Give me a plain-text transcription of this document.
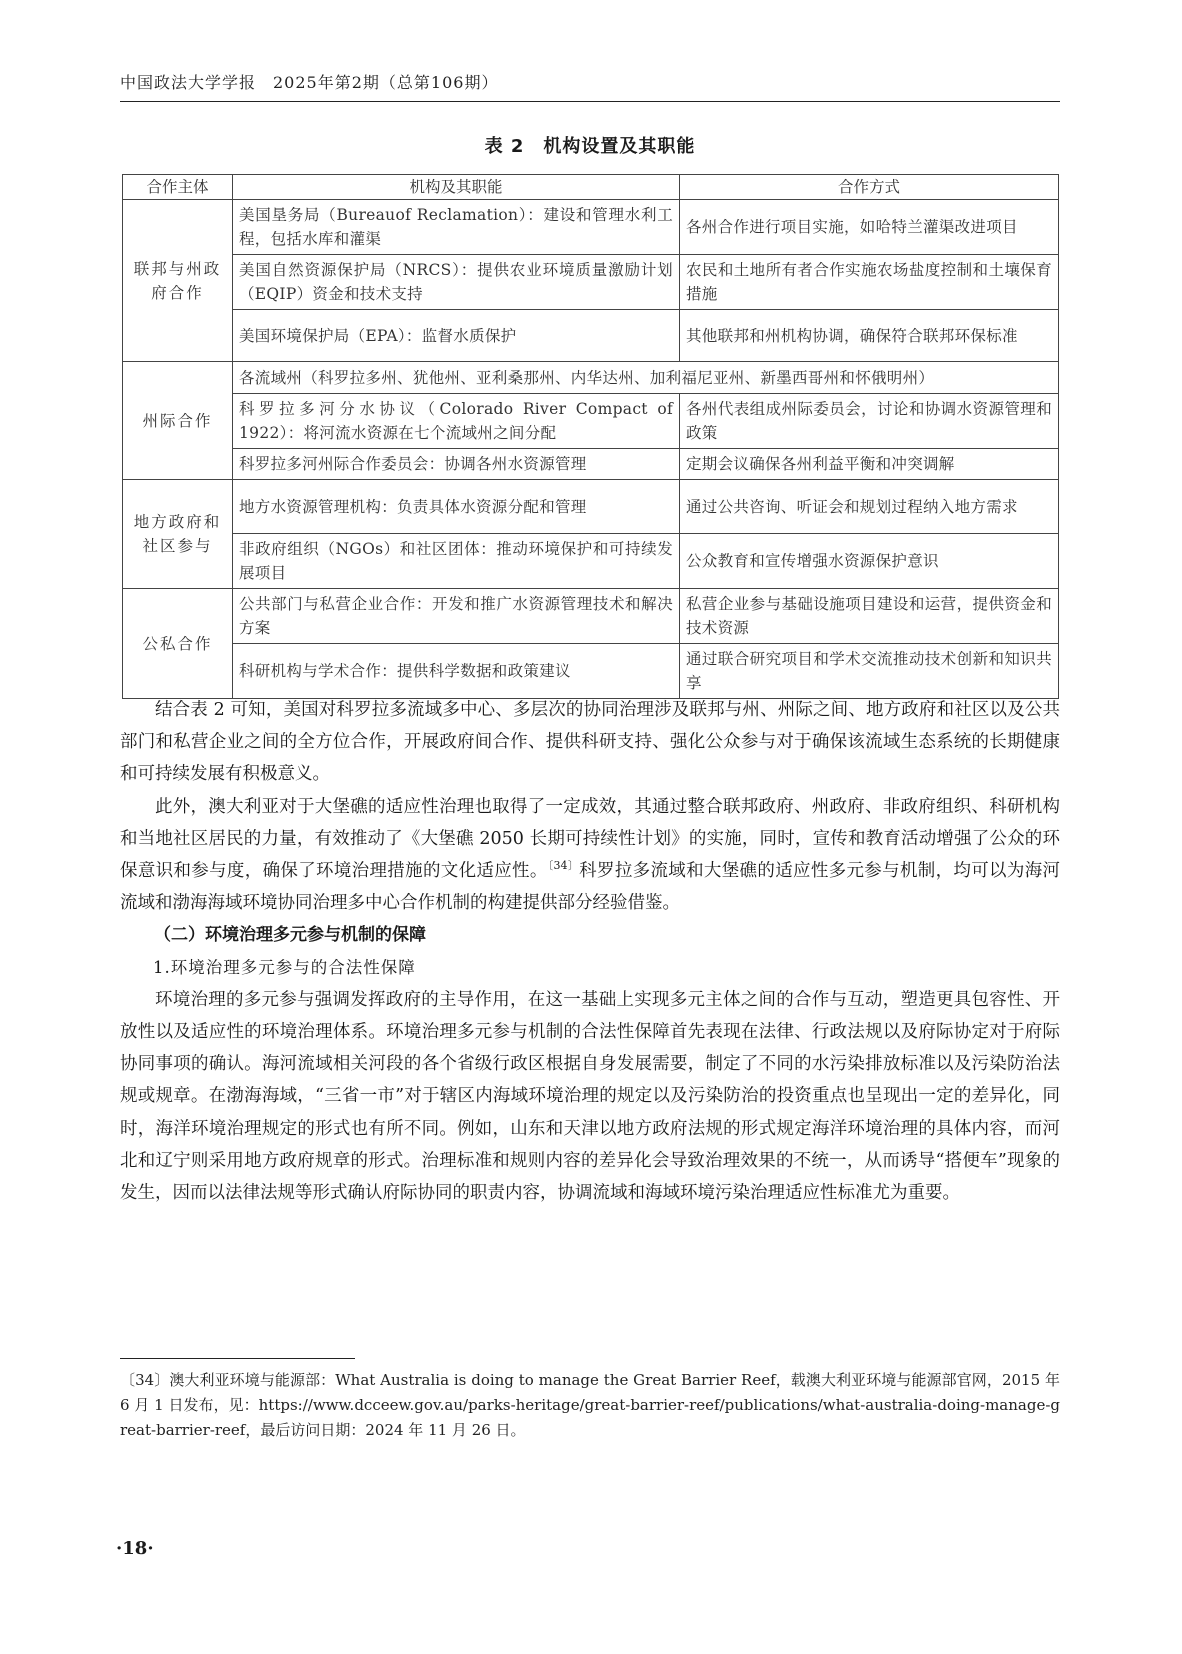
中国政法大学学报　2025年第2期（总第106期）
表 2　机构设置及其职能
合作主体	机构及其职能	合作方式
联邦与州政府合作	美国垦务局（Bureauof Reclamation）：建设和管理水利工程，包括水库和灌渠	各州合作进行项目实施，如哈特兰灌渠改进项目
	美国自然资源保护局（NRCS）：提供农业环境质量激励计划（EQIP）资金和技术支持	农民和土地所有者合作实施农场盐度控制和土壤保育措施
	美国环境保护局（EPA）：监督水质保护	其他联邦和州机构协调，确保符合联邦环保标准
州际合作	各流域州（科罗拉多州、犹他州、亚利桑那州、内华达州、加利福尼亚州、新墨西哥州和怀俄明州）	
	科罗拉多河分水协议（Colorado River Compact of 1922）：将河流水资源在七个流域州之间分配	各州代表组成州际委员会，讨论和协调水资源管理和政策
	科罗拉多河州际合作委员会：协调各州水资源管理	定期会议确保各州利益平衡和冲突调解
地方政府和社区参与	地方水资源管理机构：负责具体水资源分配和管理	通过公共咨询、听证会和规划过程纳入地方需求
	非政府组织（NGOs）和社区团体：推动环境保护和可持续发展项目	公众教育和宣传增强水资源保护意识
公私合作	公共部门与私营企业合作：开发和推广水资源管理技术和解决方案	私营企业参与基础设施项目建设和运营，提供资金和技术资源
	科研机构与学术合作：提供科学数据和政策建议	通过联合研究项目和学术交流推动技术创新和知识共享

结合表 2 可知，美国对科罗拉多流域多中心、多层次的协同治理涉及联邦与州、州际之间、地方政府和社区以及公共部门和私营企业之间的全方位合作，开展政府间合作、提供科研支持、强化公众参与对于确保该流域生态系统的长期健康和可持续发展有积极意义。

此外，澳大利亚对于大堡礁的适应性治理也取得了一定成效，其通过整合联邦政府、州政府、非政府组织、科研机构和当地社区居民的力量，有效推动了《大堡礁 2050 长期可持续性计划》的实施，同时，宣传和教育活动增强了公众的环保意识和参与度，确保了环境治理措施的文化适应性。$^{〔34〕}$科罗拉多流域和大堡礁的适应性多元参与机制，均可以为海河流域和渤海海域环境协同治理多中心合作机制的构建提供部分经验借鉴。

（二）环境治理多元参与机制的保障

1.环境治理多元参与的合法性保障

环境治理的多元参与强调发挥政府的主导作用，在这一基础上实现多元主体之间的合作与互动，塑造更具包容性、开放性以及适应性的环境治理体系。环境治理多元参与机制的合法性保障首先表现在法律、行政法规以及府际协定对于府际协同事项的确认。海河流域相关河段的各个省级行政区根据自身发展需要，制定了不同的水污染排放标准以及污染防治法规或规章。在渤海海域，“三省一市”对于辖区内海域环境治理的规定以及污染防治的投资重点也呈现出一定的差异化，同时，海洋环境治理规定的形式也有所不同。例如，山东和天津以地方政府法规的形式规定海洋环境治理的具体内容，而河北和辽宁则采用地方政府规章的形式。治理标准和规则内容的差异化会导致治理效果的不统一，从而诱导“搭便车”现象的发生，因而以法律法规等形式确认府际协同的职责内容，协调流域和海域环境污染治理适应性标准尤为重要。

〔34〕澳大利亚环境与能源部：What Australia is doing to manage the Great Barrier Reef，载澳大利亚环境与能源部官网，2015 年 6 月 1 日发布，见：https://www.dcceew.gov.au/parks-heritage/great-barrier-reef/publications/what-australia-doing-manage-great-barrier-reef，最后访问日期：2024 年 11 月 26 日。
·18·
